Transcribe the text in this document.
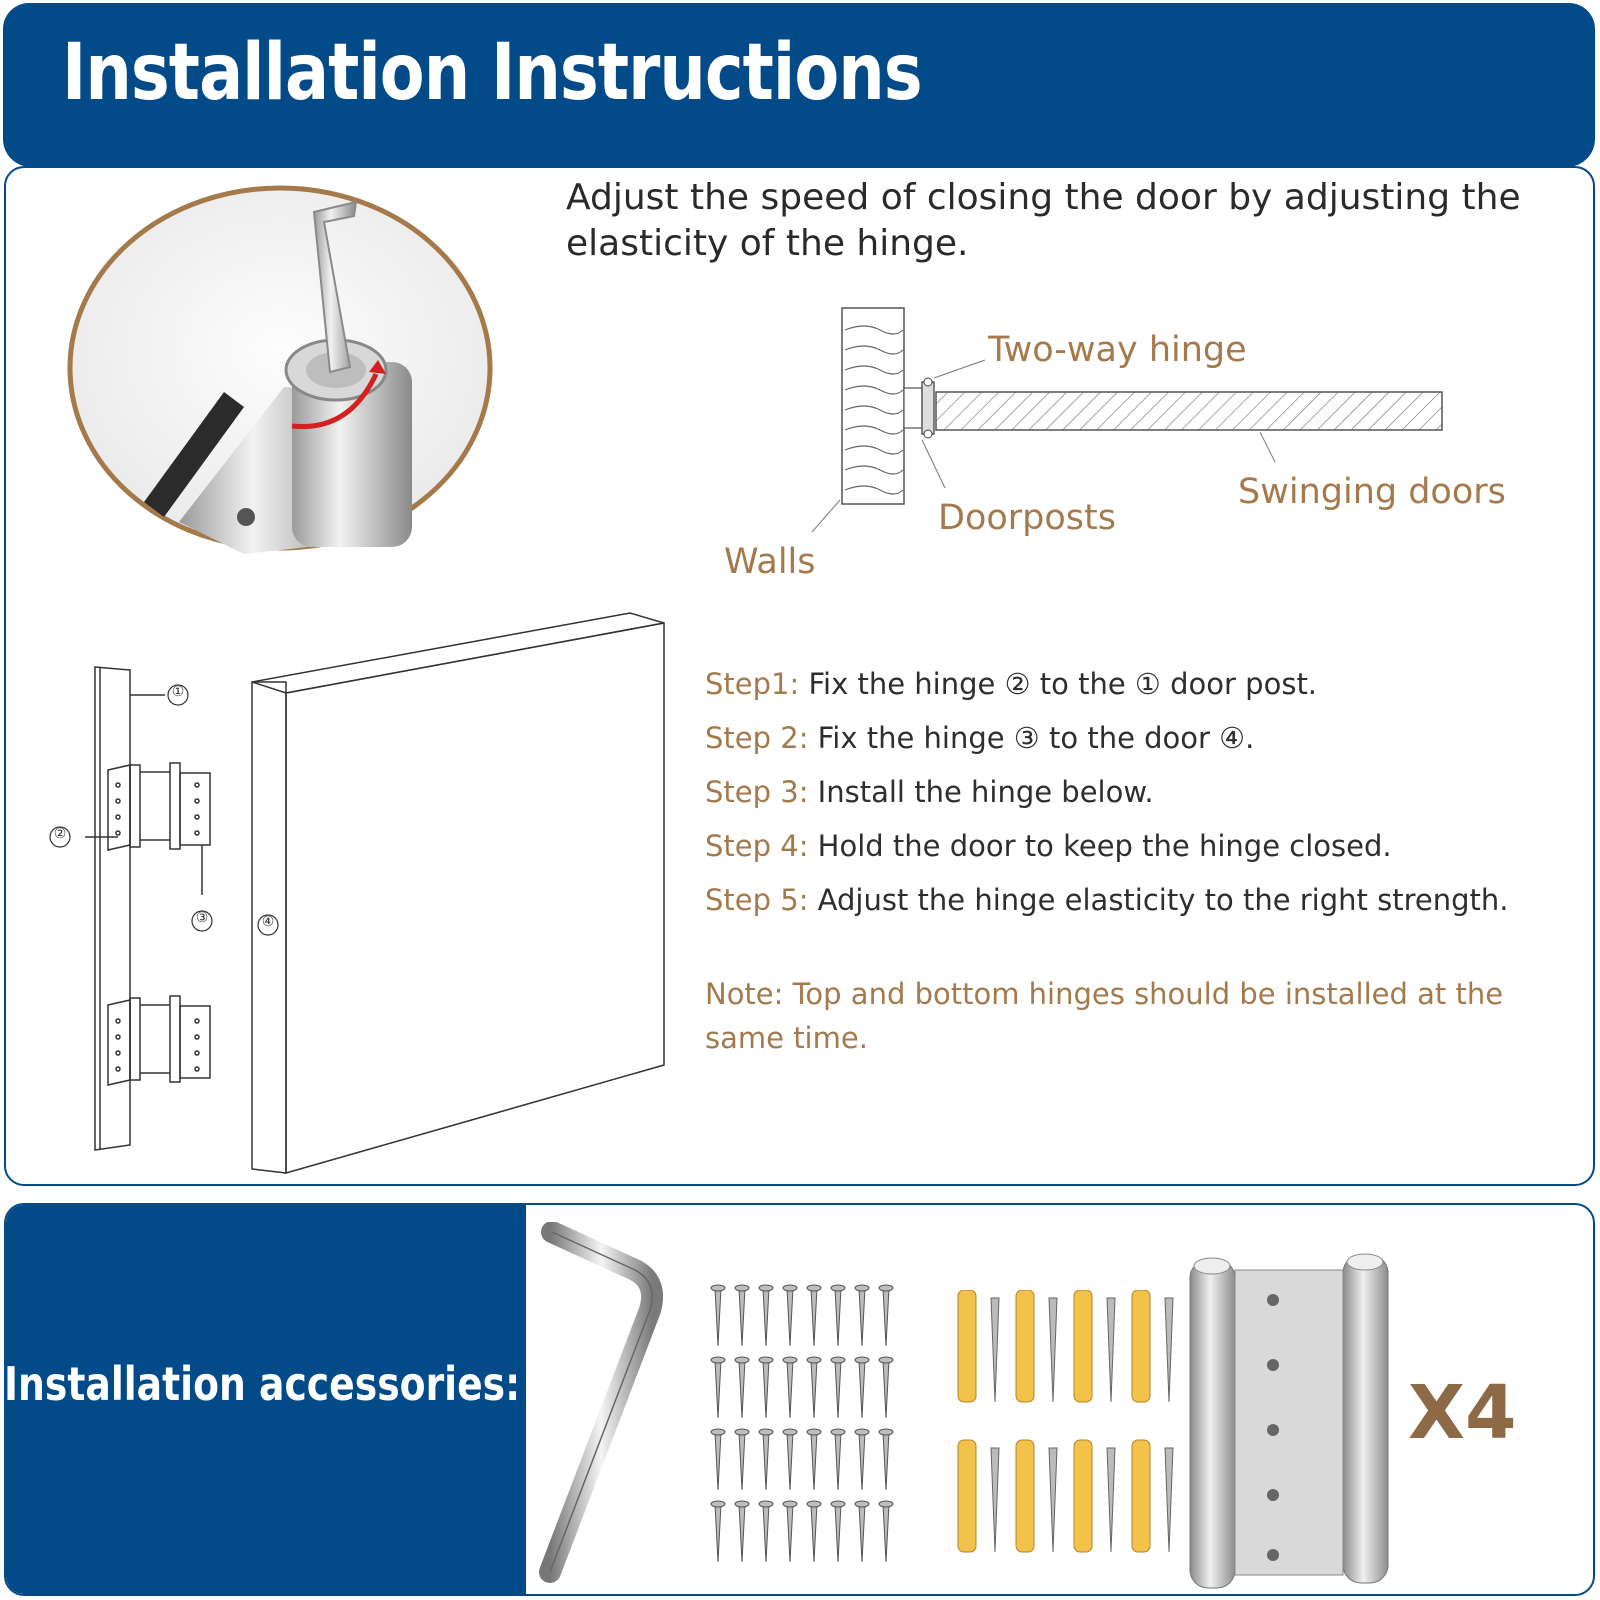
Installation Instructions
Adjust the speed of closing the door by adjusting the elasticity of the hinge.
Two-way hinge
Walls
Doorposts
Swinging doors
①
②
③	④

Step1: Fix the hinge ② to the ① door post.

Step 2: Fix the hinge ③ to the door ④.

Step 3: Install the hinge below.

Step 4: Hold the door to keep the hinge closed.

Step 5: Adjust the hinge elasticity to the right strength.

Note: Top and bottom hinges should be installed at the same time.

Installation accessories:	X4
